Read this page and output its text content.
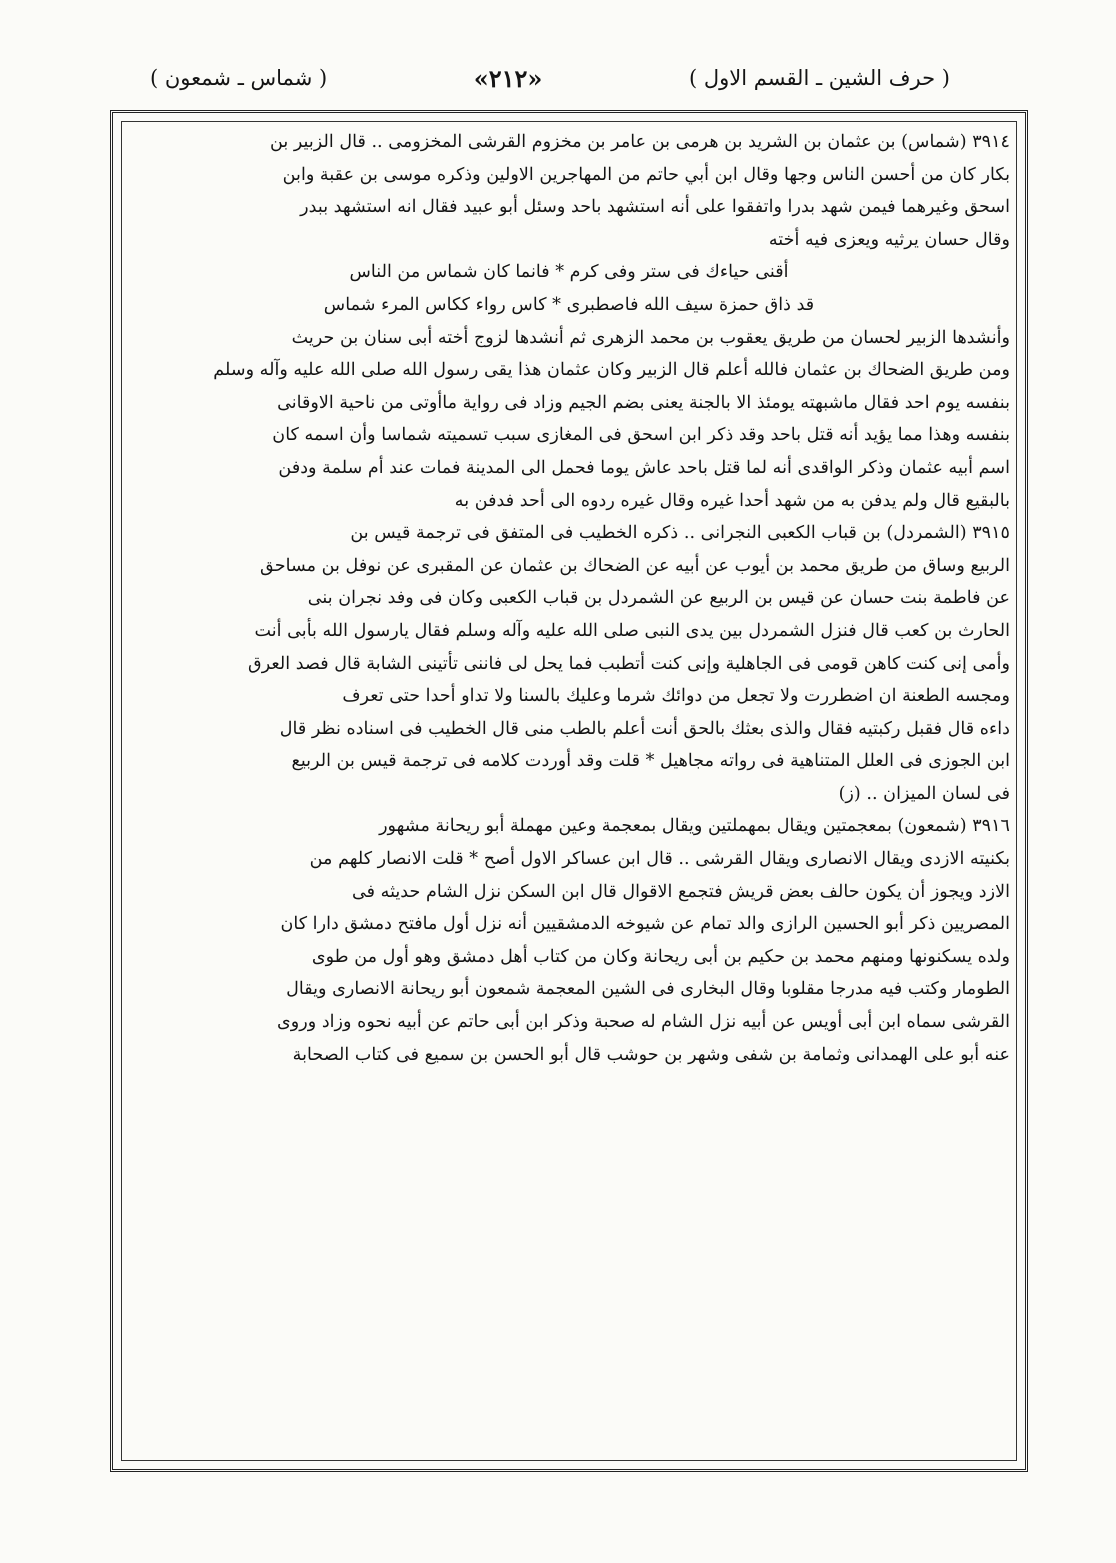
( حرف الشين ـ القسم الاول )
«٢١٢»
( شماس ـ شمعون )
٣٩١٤ (شماس) بن عثمان بن الشريد بن هرمى بن عامر بن مخزوم القرشى المخزومى .. قال الزبير بن
بكار كان من أحسن الناس وجها وقال ابن أبي حاتم من المهاجرين الاولين وذكره موسى بن عقبة وابن
اسحق وغيرهما فيمن شهد بدرا واتفقوا على أنه استشهد باحد وسئل أبو عبيد فقال انه استشهد ببدر
وقال حسان يرثيه ويعزى فيه أخته
أقنى حياءك فى ستر وفى كرم * فانما كان شماس من الناس
قد ذاق حمزة سيف الله فاصطبرى * كاس رواء ككاس المرء شماس
وأنشدها الزبير لحسان من طريق يعقوب بن محمد الزهرى ثم أنشدها لزوج أخته أبى سنان بن حريث
ومن طريق الضحاك بن عثمان فالله أعلم قال الزبير وكان عثمان هذا يقى رسول الله صلى الله عليه وآله وسلم
بنفسه يوم احد فقال ماشبهته يومئذ الا بالجنة يعنى بضم الجيم وزاد فى رواية ماأوتى من ناحية الاوقانى
بنفسه وهذا مما يؤيد أنه قتل باحد وقد ذكر ابن اسحق فى المغازى سبب تسميته شماسا وأن اسمه كان
اسم أبيه عثمان وذكر الواقدى أنه لما قتل باحد عاش يوما فحمل الى المدينة فمات عند أم سلمة ودفن
بالبقيع قال ولم يدفن به من شهد أحدا غيره وقال غيره ردوه الى أحد فدفن به
٣٩١٥ (الشمردل) بن قباب الكعبى النجرانى .. ذكره الخطيب فى المتفق فى ترجمة قيس بن
الربيع وساق من طريق محمد بن أيوب عن أبيه عن الضحاك بن عثمان عن المقبرى عن نوفل بن مساحق
عن فاطمة بنت حسان عن قيس بن الربيع عن الشمردل بن قباب الكعبى وكان فى وفد نجران بنى
الحارث بن كعب قال فنزل الشمردل بين يدى النبى صلى الله عليه وآله وسلم فقال يارسول الله بأبى أنت
وأمى إنى كنت كاهن قومى فى الجاهلية وإنى كنت أتطبب فما يحل لى فاننى تأتينى الشابة قال فصد العرق
ومجسه الطعنة ان اضطررت ولا تجعل من دوائك شرما وعليك بالسنا ولا تداو أحدا حتى تعرف
داءه قال فقبل ركبتيه فقال والذى بعثك بالحق أنت أعلم بالطب منى قال الخطيب فى اسناده نظر قال
ابن الجوزى فى العلل المتناهية فى رواته مجاهيل * قلت وقد أوردت كلامه فى ترجمة قيس بن الربيع
فى لسان الميزان .. (ز)
٣٩١٦ (شمعون) بمعجمتين ويقال بمهملتين ويقال بمعجمة وعين مهملة أبو ريحانة مشهور
بكنيته الازدى ويقال الانصارى ويقال القرشى .. قال ابن عساكر الاول أصح * قلت الانصار كلهم من
الازد ويجوز أن يكون حالف بعض قريش فتجمع الاقوال قال ابن السكن نزل الشام حديثه فى
المصريين ذكر أبو الحسين الرازى والد تمام عن شيوخه الدمشقيين أنه نزل أول مافتح دمشق دارا كان
ولده يسكنونها ومنهم محمد بن حكيم بن أبى ريحانة وكان من كتاب أهل دمشق وهو أول من طوى
الطومار وكتب فيه مدرجا مقلوبا وقال البخارى فى الشين المعجمة شمعون أبو ريحانة الانصارى ويقال
القرشى سماه ابن أبى أويس عن أبيه نزل الشام له صحبة وذكر ابن أبى حاتم عن أبيه نحوه وزاد وروى
عنه أبو على الهمدانى وثمامة بن شفى وشهر بن حوشب قال أبو الحسن بن سميع فى كتاب الصحابة
